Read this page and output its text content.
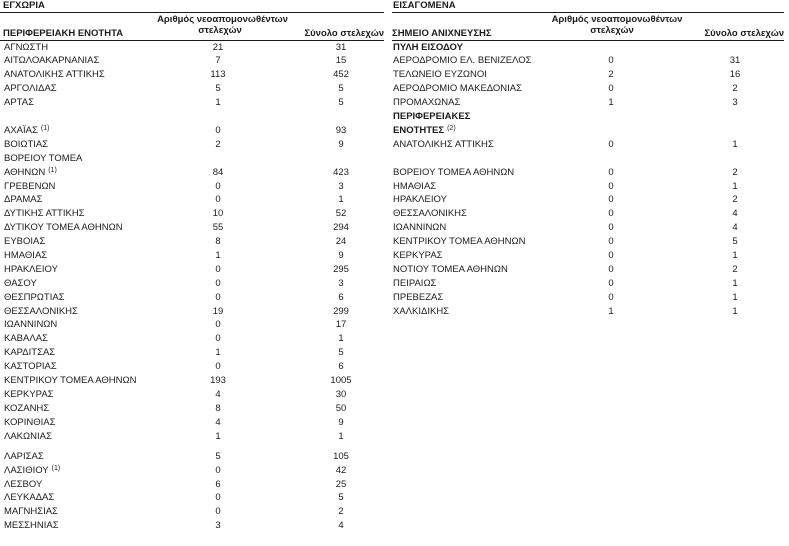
ΕΓΧΩΡΙΑ
Αριθμός νεοαπομονωθέντων
στελεχών
ΠΕΡΙΦΕΡΕΙΑΚΗ ΕΝΟΤΗΤΑ	Σύνολο στελεχών
ΑΓΝΩΣΤΗ	21	31
ΑΙΤΩΛΟΑΚΑΡΝΑΝΙΑΣ	7	15
ΑΝΑΤΟΛΙΚΗΣ ΑΤΤΙΚΗΣ	113	452
ΑΡΓΟΛΙΔΑΣ	5	5
ΑΡΤΑΣ	1	5
ΑΧΑΪΑΣ $^{(1)}$	0	93
ΒΟΙΩΤΙΑΣ	2	9
ΒΟΡΕΙΟΥ ΤΟΜΕΑ
ΑΘΗΝΩΝ $^{(1)}$	84	423
ΓΡΕΒΕΝΩΝ	0	3
ΔΡΑΜΑΣ	0	1
ΔΥΤΙΚΗΣ ΑΤΤΙΚΗΣ	10	52
ΔΥΤΙΚΟΥ ΤΟΜΕΑ ΑΘΗΝΩΝ	55	294
ΕΥΒΟΙΑΣ	8	24
ΗΜΑΘΙΑΣ	1	9
ΗΡΑΚΛΕΙΟΥ	0	295
ΘΑΣΟΥ	0	3
ΘΕΣΠΡΩΤΙΑΣ	0	6
ΘΕΣΣΑΛΟΝΙΚΗΣ	19	299
ΙΩΑΝΝΙΝΩΝ	0	17
ΚΑΒΑΛΑΣ	0	1
ΚΑΡΔΙΤΣΑΣ	1	5
ΚΑΣΤΟΡΙΑΣ	0	6
ΚΕΝΤΡΙΚΟΥ ΤΟΜΕΑ ΑΘΗΝΩΝ	193	1005
ΚΕΡΚΥΡΑΣ	4	30
ΚΟΖΑΝΗΣ	8	50
ΚΟΡΙΝΘΙΑΣ	4	9
ΛΑΚΩΝΙΑΣ	1	1
ΛΑΡΙΣΑΣ	5	105
ΛΑΣΙΘΙΟΥ $^{(1)}$	0	42
ΛΕΣΒΟΥ	6	25
ΛΕΥΚΑΔΑΣ	0	5
ΜΑΓΝΗΣΙΑΣ	0	2
ΜΕΣΣΗΝΙΑΣ	3	4
ΕΙΣΑΓΟΜΕΝΑ
Αριθμός νεοαπομονωθέντων
στελεχών
ΣΗΜΕΙΟ ΑΝΙΧΝΕΥΣΗΣ	Σύνολο στελεχών
ΠΥΛΗ ΕΙΣΟΔΟΥ
ΑΕΡΟΔΡΟΜΙΟ ΕΛ. ΒΕΝΙΖΕΛΟΣ	0	31
ΤΕΛΩΝΕΙΟ ΕΥΖΩΝΟΙ	2	16
ΑΕΡΟΔΡΟΜΙΟ ΜΑΚΕΔΟΝΙΑΣ	0	2
ΠΡΟΜΑΧΩΝΑΣ	1	3
ΠΕΡΙΦΕΡΕΙΑΚΕΣ
ΕΝΟΤΗΤΕΣ $^{(2)}$
ΑΝΑΤΟΛΙΚΗΣ ΑΤΤΙΚΗΣ	0	1
ΒΟΡΕΙΟΥ ΤΟΜΕΑ ΑΘΗΝΩΝ	0	2
ΗΜΑΘΙΑΣ	0	1
ΗΡΑΚΛΕΙΟΥ	0	2
ΘΕΣΣΑΛΟΝΙΚΗΣ	0	4
ΙΩΑΝΝΙΝΩΝ	0	4
ΚΕΝΤΡΙΚΟΥ ΤΟΜΕΑ ΑΘΗΝΩΝ	0	5
ΚΕΡΚΥΡΑΣ	0	1
ΝΟΤΙΟΥ ΤΟΜΕΑ ΑΘΗΝΩΝ	0	2
ΠΕΙΡΑΙΩΣ	0	1
ΠΡΕΒΕΖΑΣ	0	1
ΧΑΛΚΙΔΙΚΗΣ	1	1
